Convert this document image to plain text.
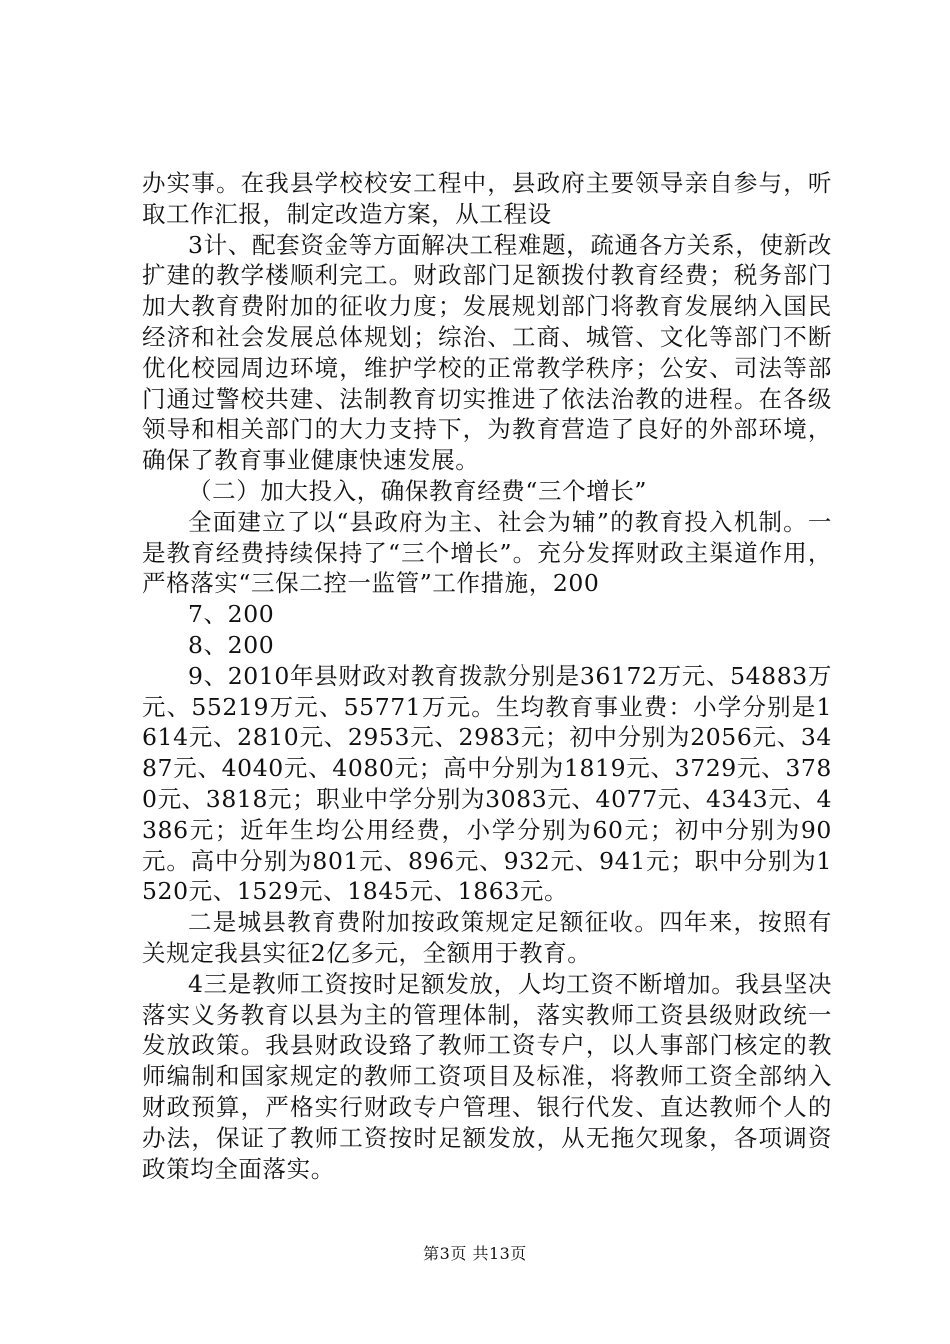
办实事。在我县学校校安工程中，县政府主要领导亲自参与，听取工作汇报，制定改造方案，从工程设

3计、配套资金等方面解决工程难题，疏通各方关系，使新改扩建的教学楼顺利完工。财政部门足额拨付教育经费；税务部门加大教育费附加的征收力度；发展规划部门将教育发展纳入国民经济和社会发展总体规划；综治、工商、城管、文化等部门不断优化校园周边环境，维护学校的正常教学秩序；公安、司法等部门通过警校共建、法制教育切实推进了依法治教的进程。在各级领导和相关部门的大力支持下，为教育营造了良好的外部环境，确保了教育事业健康快速发展。

（二）加大投入，确保教育经费“三个增长”

全面建立了以“县政府为主、社会为辅”的教育投入机制。一是教育经费持续保持了“三个增长”。充分发挥财政主渠道作用，严格落实“三保二控一监管”工作措施，200

7、200

8、200

9、2010年县财政对教育拨款分别是36172万元、54883万元、55219万元、55771万元。生均教育事业费：小学分别是1614元、2810元、2953元、2983元；初中分别为2056元、3487元、4040元、4080元；高中分别为1819元、3729元、3780元、3818元；职业中学分别为3083元、4077元、4343元、4386元；近年生均公用经费，小学分别为60元；初中分别为90元。高中分别为801元、896元、932元、941元；职中分别为1520元、1529元、1845元、1863元。

二是城县教育费附加按政策规定足额征收。四年来，按照有关规定我县实征2亿多元，全额用于教育。

4三是教师工资按时足额发放，人均工资不断增加。我县坚决落实义务教育以县为主的管理体制，落实教师工资县级财政统一发放政策。我县财政设臵了教师工资专户，以人事部门核定的教师编制和国家规定的教师工资项目及标准，将教师工资全部纳入财政预算，严格实行财政专户管理、银行代发、直达教师个人的办法，保证了教师工资按时足额发放，从无拖欠现象，各项调资政策均全面落实。

第3页 共13页
